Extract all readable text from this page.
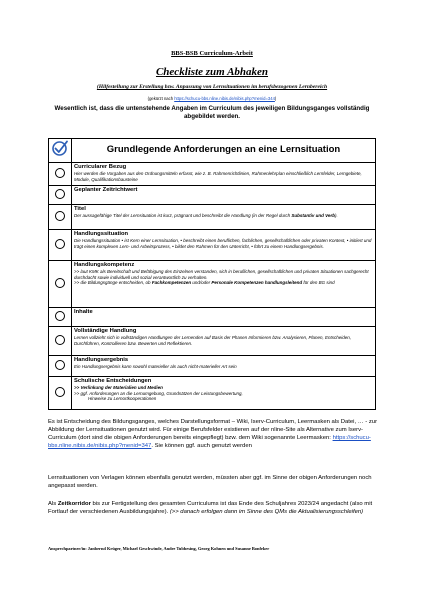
BBS-BSB Curriculum-Arbeit
Checkliste zum Abhaken
(Hilfestellung zur Erstellung bzw. Anpassung von Lernsituationen im berufsbezogenen Lernbereich
(gekürzt nach https://schucu-bbs.nline.nibis.de/nibis.php?menid=344)
Wesentlich ist, dass die untenstehende Angaben im Curriculum des jeweiligen Bildungsganges vollständig abgebildet werden.
	Grundlegende Anforderungen an eine Lernsituation

	Curricularer Bezug
Hier werden die Vorgaben aus den Ordnungsmitteln erfasst, wie z. B. Rahmenrichtlinien, Rahmenlehrplan einschließlich Lernfelder, Lerngebiete, Module, Qualifikationsbausteine

	Geplanter Zeitrichtwert

	Titel
Der aussagefähige Titel der Lernsituation ist kurz, prägnant und beschreibt die Handlung (in der Regel durch Substantiv und Verb).

	Handlungssituation
Die Handlungssituation • ist Kern einer Lernsituation, • beschreibt einen beruflichen, fachlichen, gesellschaftlichen oder privaten Kontext, • initiiert und trägt einen komplexen Lern- und Arbeitsprozess, • bildet den Rahmen für den Unterricht, • führt zu einem Handlungsergebnis.

	Handlungskompetenz
>> laut KMK als Bereitschaft und Befähigung des Einzelnen verstanden, sich in beruflichen, gesellschaftlichen und privaten Situationen sachgerecht durchdacht sowie individuell und sozial verantwortlich zu verhalten.
>> die Bildungsgänge entscheiden, ob Fachkompetenzen und/oder Personale Kompetenzen handlungsleitend für den BG sind

	Inhalte

	Vollständige Handlung
Lernen vollzieht sich in vollständigen Handlungen der Lernenden auf Basis der Phasen Informieren bzw. Analysieren, Planen, Entscheiden, Durchführen, Kontrollieren bzw. Bewerten und Reflektieren.

	Handlungsergebnis
Ein Handlungsergebnis kann sowohl materieller als auch nicht-materieller Art sein

	Schulische Entscheidungen
>> Verlinkung der Materialien und Medien
>> ggf. Anforderungen an die Lernumgebung, Grundsätzen der Leistungsbewertung,
Hinweise zu Lernortkooperationen
Es ist Entscheidung des Bildungsganges, welches Darstellungsformat – Wiki, Iserv-Curriculum, Leermasken als Datei, … - zur Abbildung der Lernsituationen genutzt wird. Für einige Berufsfelder existieren auf der nline-Site als Alternative zum Iserv-Curriculum (dort sind die obigen Anforderungen bereits eingepflegt) bzw. dem Wiki sogenannte Leermasken: https://schucu-bbs.nline.nibis.de/nibis.php?menid=347. Sie können ggf. auch genutzt werden
Lernsituationen von Verlagen können ebenfalls genutzt werden, müssten aber ggf. im Sinne der obigen Anforderungen noch angepasst werden.
Als Zeitkorridor bis zur Fertigstellung des gesamten Curriculums ist das Ende des Schuljahres 2023/24 angedacht (also mit Fortlauf der verschiedenen Ausbildungsjahre). (>> danach erfolgen dann im Sinne des QMs die Aktualisierungsschleifen)
Ansprechpartner/in: Janbernd Krüger, Michael Geschwinde, Andre Tubbesing, Georg Kohnen und Susanne Bonfeker
